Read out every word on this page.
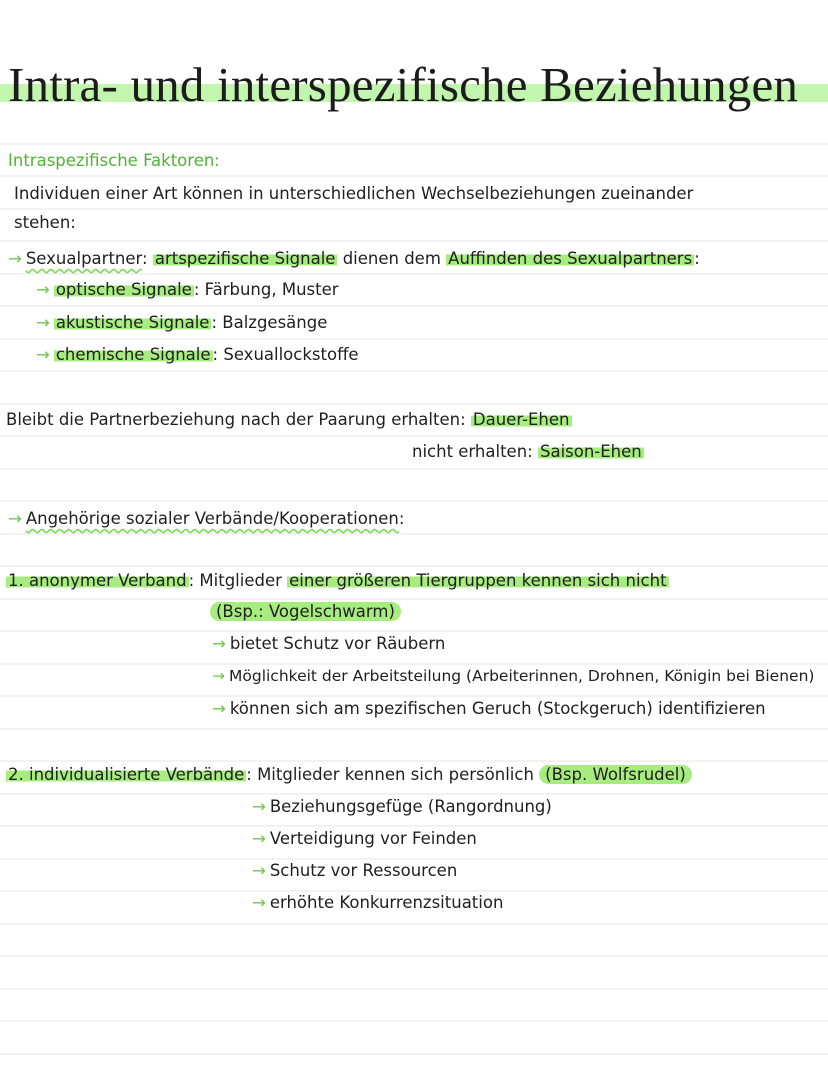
Intra- und interspezifische Beziehungen
Intraspezifische Faktoren:
Individuen einer Art können in unterschiedlichen Wechselbeziehungen zueinander
stehen:
→ Sexualpartner: artspezifische Signale dienen dem Auffinden des Sexualpartners :
→ optische Signale : Färbung, Muster
→ akustische Signale : Balzgesänge
→ chemische Signale : Sexuallockstoffe
Bleibt die Partnerbeziehung nach der Paarung erhalten: Dauer-Ehen
nicht erhalten: Saison-Ehen
→ Angehörige sozialer Verbände/Kooperationen:
1. anonymer Verband : Mitglieder einer größeren Tiergruppen kennen sich nicht
(Bsp.: Vogelschwarm)
→ bietet Schutz vor Räubern
→ Möglichkeit der Arbeitsteilung (Arbeiterinnen, Drohnen, Königin bei Bienen)
→ können sich am spezifischen Geruch (Stockgeruch) identifizieren
2. individualisierte Verbände : Mitglieder kennen sich persönlich (Bsp. Wolfsrudel)
→ Beziehungsgefüge (Rangordnung)
→ Verteidigung vor Feinden
→ Schutz vor Ressourcen
→ erhöhte Konkurrenzsituation
